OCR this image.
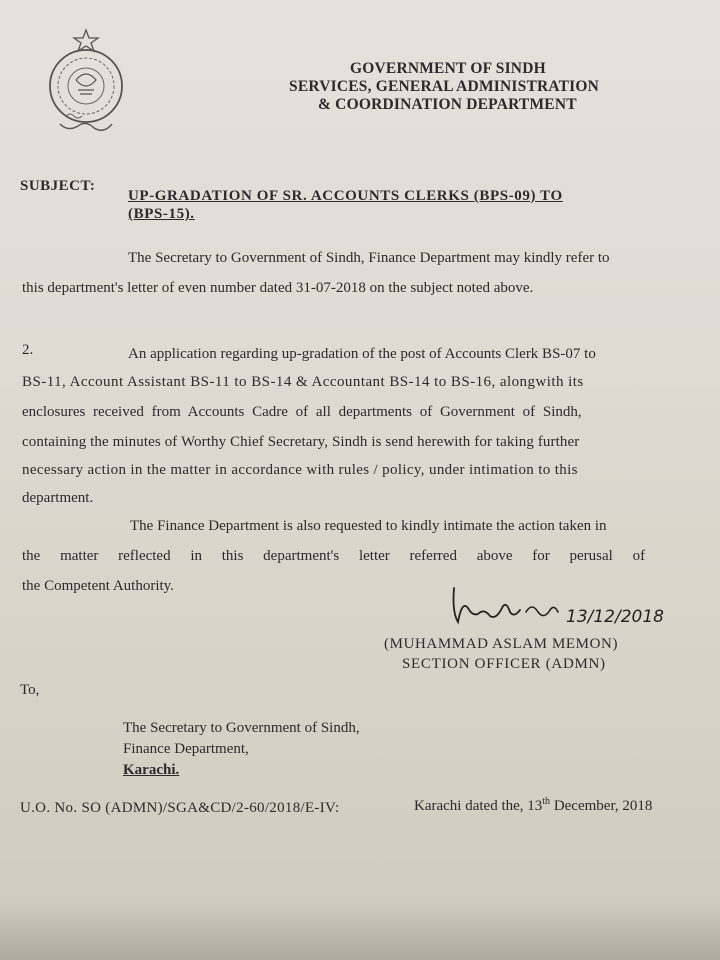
GOVERNMENT OF SINDH
SERVICES, GENERAL ADMINISTRATION
& COORDINATION DEPARTMENT
SUBJECT:
UP-GRADATION OF SR. ACCOUNTS CLERKS (BPS-09) TO
(BPS-15).
The Secretary to Government of Sindh, Finance Department may kindly refer to
this department's letter of even number dated 31-07-2018 on the subject noted above.
2.	An application regarding up-gradation of the post of Accounts Clerk BS-07 to
BS-11, Account Assistant BS-11 to BS-14 & Accountant BS-14 to BS-16, alongwith its
enclosures received from Accounts Cadre of all departments of Government of Sindh,
containing the minutes of Worthy Chief Secretary, Sindh is send herewith for taking further
necessary action in the matter in accordance with rules / policy, under intimation to this
department.
The Finance Department is also requested to kindly intimate the action taken in
the matter reflected in this department's letter referred above for perusal of
the Competent Authority.
13/12/2018
(MUHAMMAD ASLAM MEMON)
SECTION OFFICER (ADMN)
To,
The Secretary to Government of Sindh,
Finance Department,
Karachi.
U.O. No. SO (ADMN)/SGA&CD/2-60/2018/E-IV:	Karachi dated the, 13th December, 2018
